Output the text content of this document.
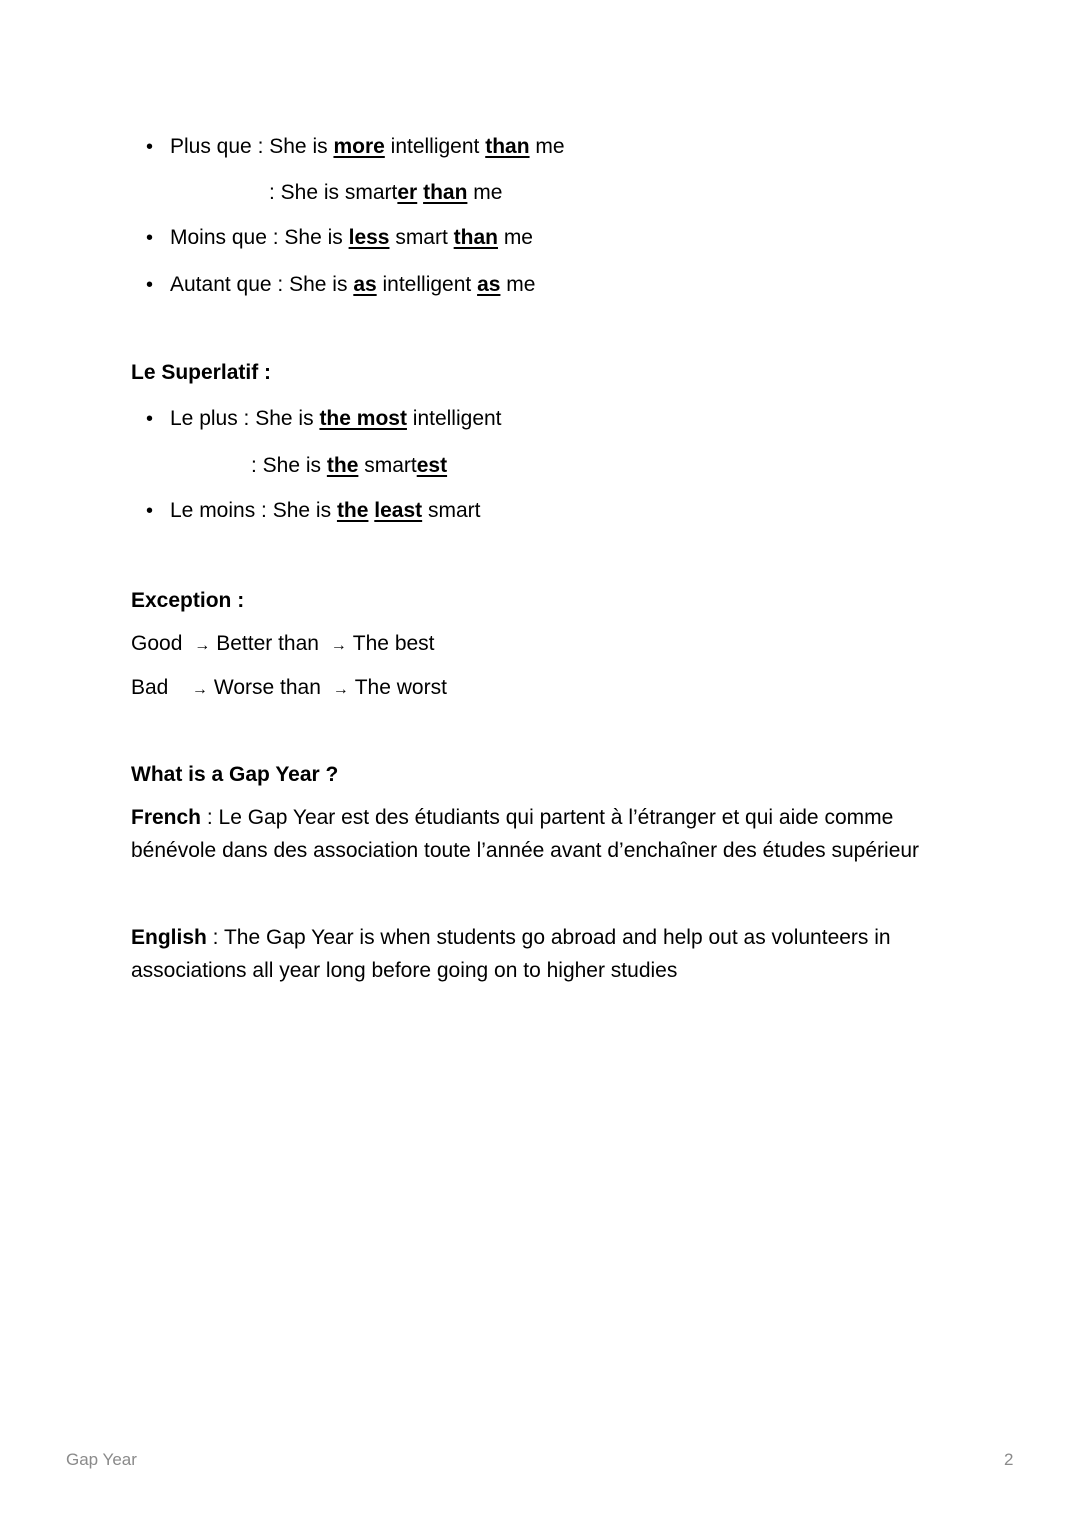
• Plus que : She is more intelligent than me
: She is smarter than me
• Moins que : She is less smart than me
• Autant que : She is as intelligent as me
Le Superlatif :
• Le plus : She is the most intelligent
: She is the smartest
• Le moins : She is the least smart
Exception :
Good → Better than → The best
Bad → Worse than → The worst
What is a Gap Year ?
French : Le Gap Year est des étudiants qui partent à l’étranger et qui aide comme bénévole dans des association toute l’année avant d’enchaîner des études supérieur
English : The Gap Year is when students go abroad and help out as volunteers in associations all year long before going on to higher studies
Gap Year	2
